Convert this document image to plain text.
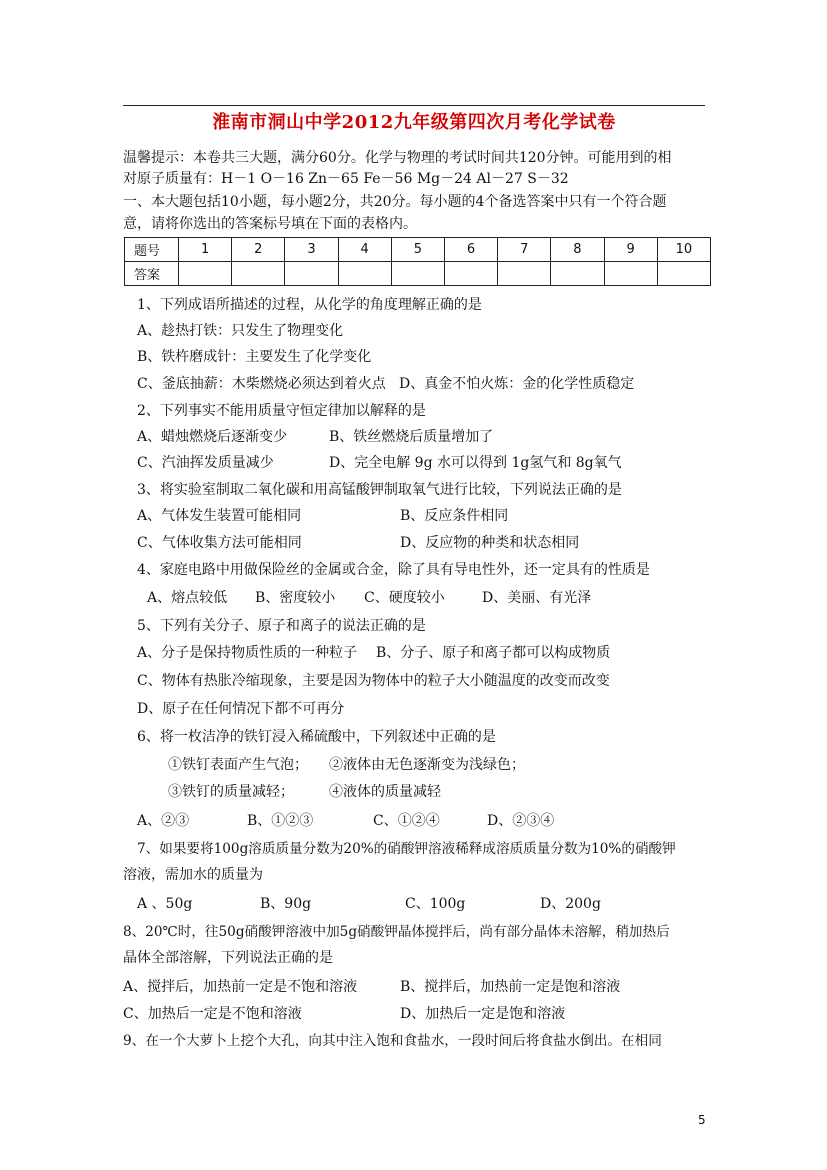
淮南市洞山中学2012九年级第四次月考化学试卷
温馨提示：本卷共三大题，满分60分。化学与物理的考试时间共120分钟。可能用到的相
对原子质量有：H－1 O－16 Zn－65 Fe－56 Mg－24 Al－27 S－32
一、本大题包括10小题，每小题2分，共20分。每小题的4个备选答案中只有一个符合题
意，请将你选出的答案标号填在下面的表格内。
题号	1	2	3	4	5	6	7	8	9	10
答案										
1、下列成语所描述的过程，从化学的角度理解正确的是
A、趁热打铁：只发生了物理变化
B、铁杵磨成针：主要发生了化学变化
C、釜底抽薪：木柴燃烧必须达到着火点 D、真金不怕火炼：金的化学性质稳定
2、下列事实不能用质量守恒定律加以解释的是
A、蜡烛燃烧后逐渐变少	B、铁丝燃烧后质量增加了
C、汽油挥发质量减少	D、完全电解 9g 水可以得到 1g氢气和 8g氧气
3、将实验室制取二氧化碳和用高锰酸钾制取氧气进行比较，下列说法正确的是
A、气体发生装置可能相同	B、反应条件相同
C、气体收集方法可能相同	D、反应物的种类和状态相同
4、家庭电路中用做保险丝的金属或合金，除了具有导电性外，还一定具有的性质是
A、熔点较低 B、密度较小 C、硬度较小	D、美丽、有光泽
5、下列有关分子、原子和离子的说法正确的是
A、分子是保持物质性质的一种粒子 B、分子、原子和离子都可以构成物质
C、物体有热胀冷缩现象，主要是因为物体中的粒子大小随温度的改变而改变
D、原子在任何情况下都不可再分
6、将一枚洁净的铁钉浸入稀硫酸中，下列叙述中正确的是
①铁钉表面产生气泡； ②液体由无色逐渐变为浅绿色；
③铁钉的质量减轻；	④液体的质量减轻
A、②③	B、①②③	C、①②④	D、②③④
7、如果要将100g溶质质量分数为20%的硝酸钾溶液稀释成溶质质量分数为10%的硝酸钾
溶液，需加水的质量为
A 、50g	B、90g	C、100g	D、200g
8、20℃时，往50g硝酸钾溶液中加5g硝酸钾晶体搅拌后，尚有部分晶体未溶解，稍加热后
晶体全部溶解，下列说法正确的是
A、搅拌后，加热前一定是不饱和溶液	B、搅拌后，加热前一定是饱和溶液
C、加热后一定是不饱和溶液	D、加热后一定是饱和溶液
9、在一个大萝卜上挖个大孔，向其中注入饱和食盐水，一段时间后将食盐水倒出。在相同
5
